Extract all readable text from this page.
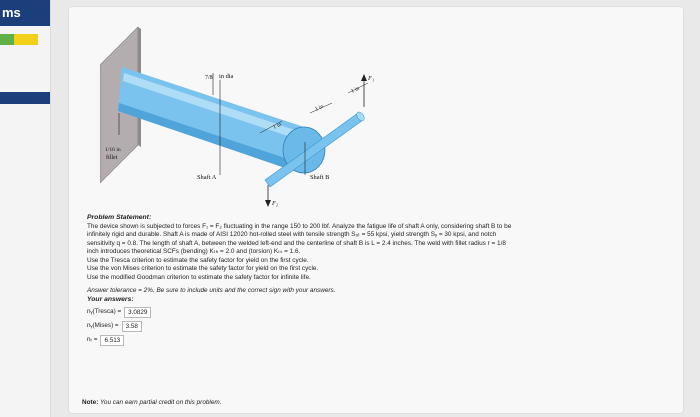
ms
7/8 in dia
1/16 in
fillet
Shaft A	Shaft B
F₁
F₂
1 in
1 in
1 in

Problem Statement:

The device shown is subjected to forces F₁ = F₂ fluctuating in the range 150 to 200 lbf. Analyze the fatigue life of shaft A only, considering shaft B to be

infinitely rigid and durable. Shaft A is made of AISI 12020 hot-rolled steel with tensile strength Sᵤₜ = 55 kpsi, yield strength Sᵧ = 30 kpsi, and notch

sensitivity q = 0.8. The length of shaft A, between the welded left-end and the centerline of shaft B is L = 2.4 inches. The weld with fillet radius r = 1/8

inch introduces theoretical SCFs (bending) Kₜₕ = 2.0 and (torsion) Kₜₛ = 1.6.

Use the Tresca criterion to estimate the safety factor for yield on the first cycle.

Use the von Mises criterion to estimate the safety factor for yield on the first cycle.

Use the modified Goodman criterion to estimate the safety factor for infinite life.

Answer tolerance = 2%. Be sure to include units and the correct sign with your answers.

Your answers:

nᵧ(Tresca) =	3.0829
nᵧ(Mises) =	3.58
nᵣ =	6.513
Note: You can earn partial credit on this problem.
